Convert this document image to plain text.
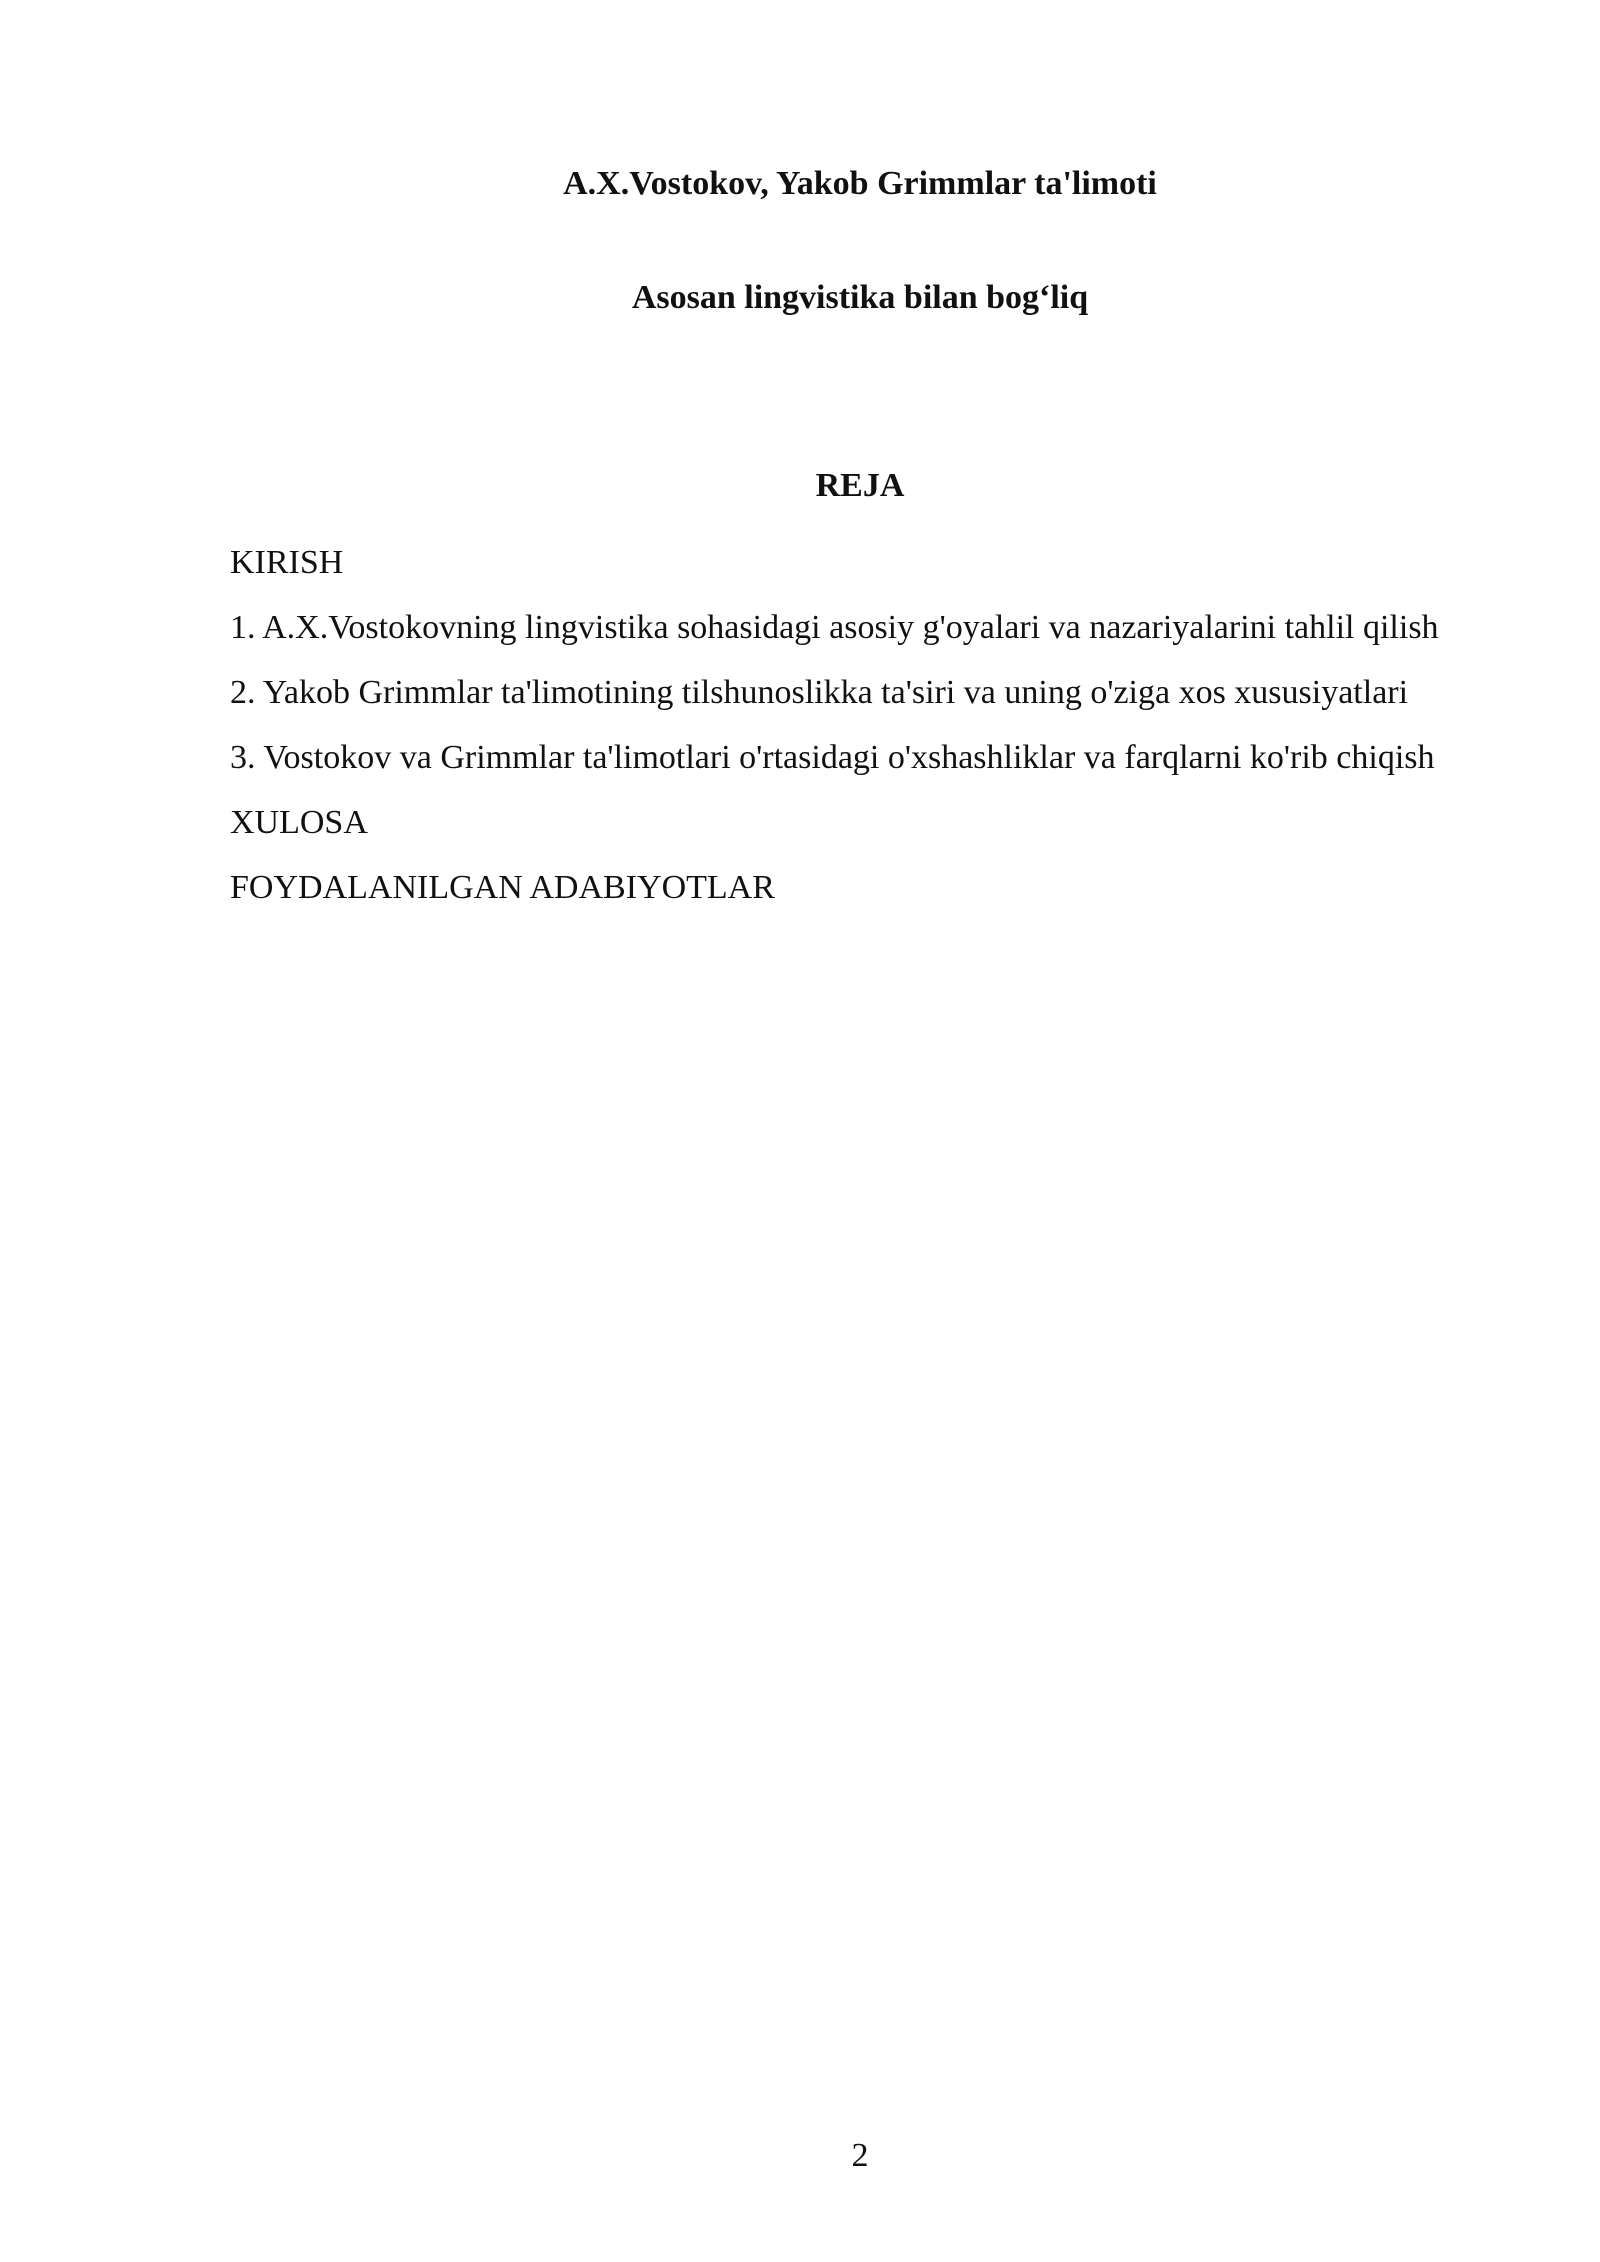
A.X.Vostokov, Yakob Grimmlar ta'limoti
Asosan lingvistika bilan bog‘liq
REJA
KIRISH
1. A.X.Vostokovning lingvistika sohasidagi asosiy g'oyalari va nazariyalarini tahlil qilish
2. Yakob Grimmlar ta'limotining tilshunoslikka ta'siri va uning o'ziga xos xususiyatlari
3. Vostokov va Grimmlar ta'limotlari o'rtasidagi o'xshashliklar va farqlarni ko'rib chiqish
XULOSA
FOYDALANILGAN ADABIYOTLAR
2
